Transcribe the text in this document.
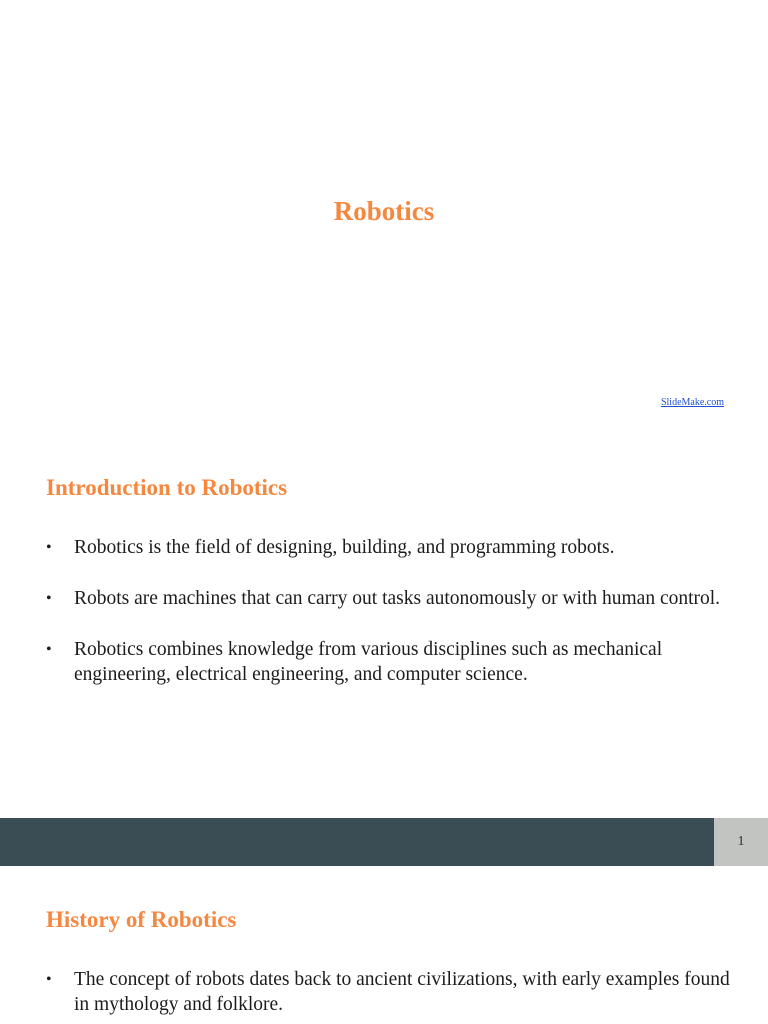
Robotics
SlideMake.com
Introduction to Robotics
• Robotics is the field of designing, building, and programming robots.
• Robots are machines that can carry out tasks autonomously or with human control.
• Robotics combines knowledge from various disciplines such as mechanical engineering, electrical engineering, and computer science.
1
History of Robotics
• The concept of robots dates back to ancient civilizations, with early examples found in mythology and folklore.
